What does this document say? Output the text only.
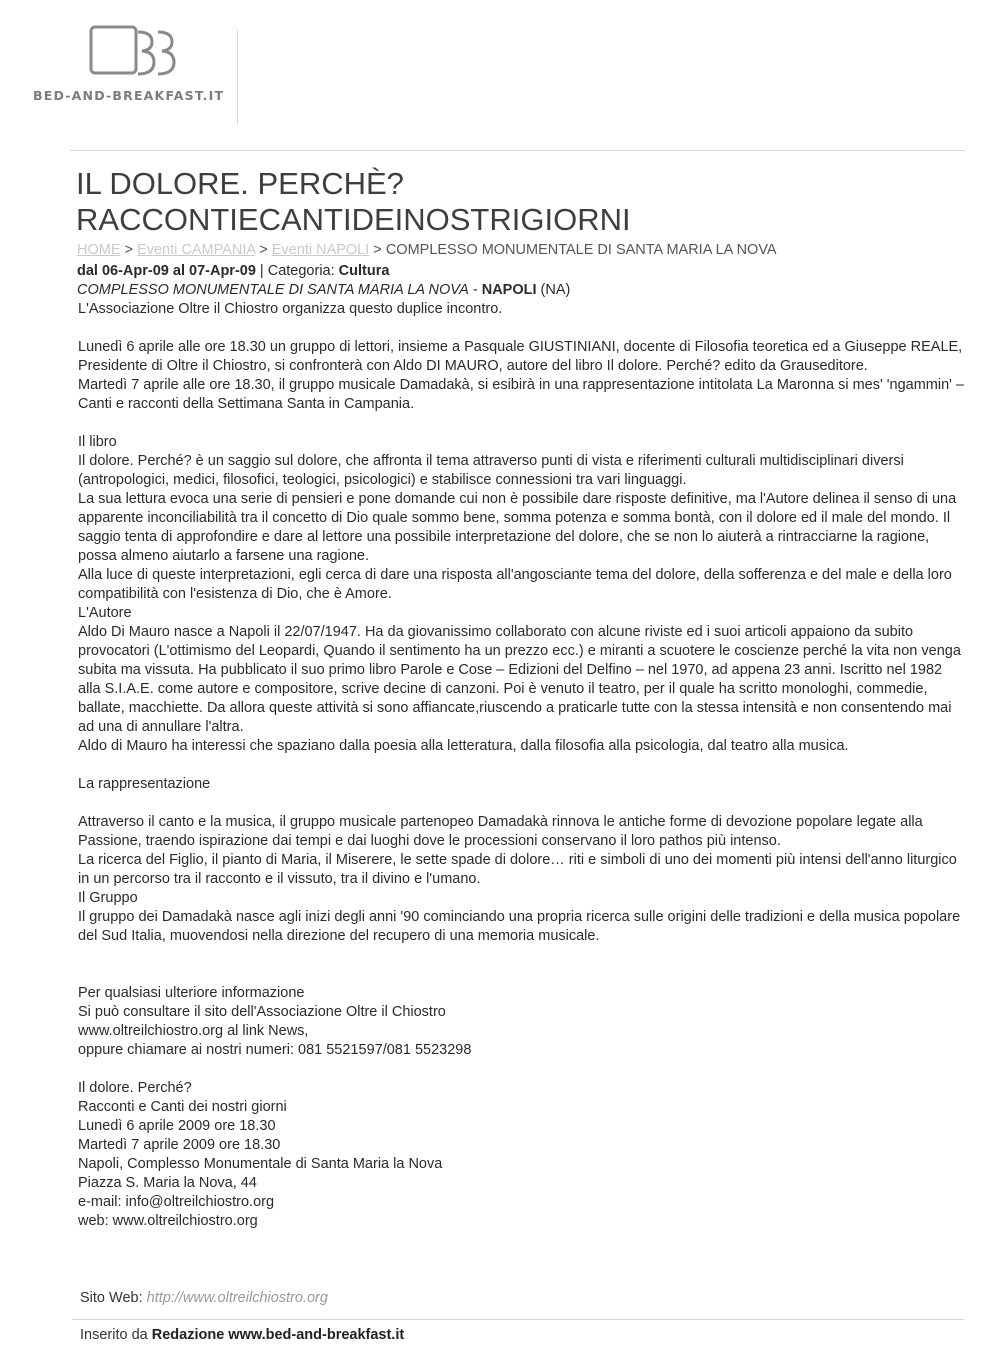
BED-AND-BREAKFAST.IT
IL DOLORE. PERCHÈ?
RACCONTIECANTIDEINOSTRIGIORNI
HOME > Eventi CAMPANIA > Eventi NAPOLI > COMPLESSO MONUMENTALE DI SANTA MARIA LA NOVA
dal 06-Apr-09 al 07-Apr-09 | Categoria: Cultura
COMPLESSO MONUMENTALE DI SANTA MARIA LA NOVA - NAPOLI (NA)

L'Associazione Oltre il Chiostro organizza questo duplice incontro.

Lunedì 6 aprile alle ore 18.30 un gruppo di lettori, insieme a Pasquale GIUSTINIANI, docente di Filosofia teoretica ed a Giuseppe REALE, Presidente di Oltre il Chiostro, si confronterà con Aldo DI MAURO, autore del libro Il dolore. Perché? edito da Grauseditore.

Martedì 7 aprile alle ore 18.30, il gruppo musicale Damadakà, si esibirà in una rappresentazione intitolata La Maronna si mes' 'ngammin' – Canti e racconti della Settimana Santa in Campania.

Il libro

Il dolore. Perché? è un saggio sul dolore, che affronta il tema attraverso punti di vista e riferimenti culturali multidisciplinari diversi (antropologici, medici, filosofici, teologici, psicologici) e stabilisce connessioni tra vari linguaggi.

La sua lettura evoca una serie di pensieri e pone domande cui non è possibile dare risposte definitive, ma l'Autore delinea il senso di una apparente inconciliabilità tra il concetto di Dio quale sommo bene, somma potenza e somma bontà, con il dolore ed il male del mondo. Il saggio tenta di approfondire e dare al lettore una possibile interpretazione del dolore, che se non lo aiuterà a rintracciarne la ragione, possa almeno aiutarlo a farsene una ragione.

Alla luce di queste interpretazioni, egli cerca di dare una risposta all'angosciante tema del dolore, della sofferenza e del male e della loro compatibilità con l'esistenza di Dio, che è Amore.

L'Autore

Aldo Di Mauro nasce a Napoli il 22/07/1947. Ha da giovanissimo collaborato con alcune riviste ed i suoi articoli appaiono da subito provocatori (L'ottimismo del Leopardi, Quando il sentimento ha un prezzo ecc.) e miranti a scuotere le coscienze perché la vita non venga subita ma vissuta. Ha pubblicato il suo primo libro Parole e Cose – Edizioni del Delfino – nel 1970, ad appena 23 anni. Iscritto nel 1982 alla S.I.A.E. come autore e compositore, scrive decine di canzoni. Poi è venuto il teatro, per il quale ha scritto monologhi, commedie, ballate, macchiette. Da allora queste attività si sono affiancate,riuscendo a praticarle tutte con la stessa intensità e non consentendo mai ad una di annullare l'altra.

Aldo di Mauro ha interessi che spaziano dalla poesia alla letteratura, dalla filosofia alla psicologia, dal teatro alla musica.

La rappresentazione

Attraverso il canto e la musica, il gruppo musicale partenopeo Damadakà rinnova le antiche forme di devozione popolare legate alla Passione, traendo ispirazione dai tempi e dai luoghi dove le processioni conservano il loro pathos più intenso.

La ricerca del Figlio, il pianto di Maria, il Miserere, le sette spade di dolore… riti e simboli di uno dei momenti più intensi dell'anno liturgico in un percorso tra il racconto e il vissuto, tra il divino e l'umano.

Il Gruppo

Il gruppo dei Damadakà nasce agli inizi degli anni '90 cominciando una propria ricerca sulle origini delle tradizioni e della musica popolare del Sud Italia, muovendosi nella direzione del recupero di una memoria musicale.

Per qualsiasi ulteriore informazione

Si può consultare il sito dell'Associazione Oltre il Chiostro

www.oltreilchiostro.org al link News,

oppure chiamare ai nostri numeri: 081 5521597/081 5523298

Il dolore. Perché?

Racconti e Canti dei nostri giorni

Lunedì 6 aprile 2009 ore 18.30

Martedì 7 aprile 2009 ore 18.30

Napoli, Complesso Monumentale di Santa Maria la Nova

Piazza S. Maria la Nova, 44

e-mail: info@oltreilchiostro.org

web: www.oltreilchiostro.org

Sito Web: http://www.oltreilchiostro.org
Inserito da Redazione www.bed-and-breakfast.it
